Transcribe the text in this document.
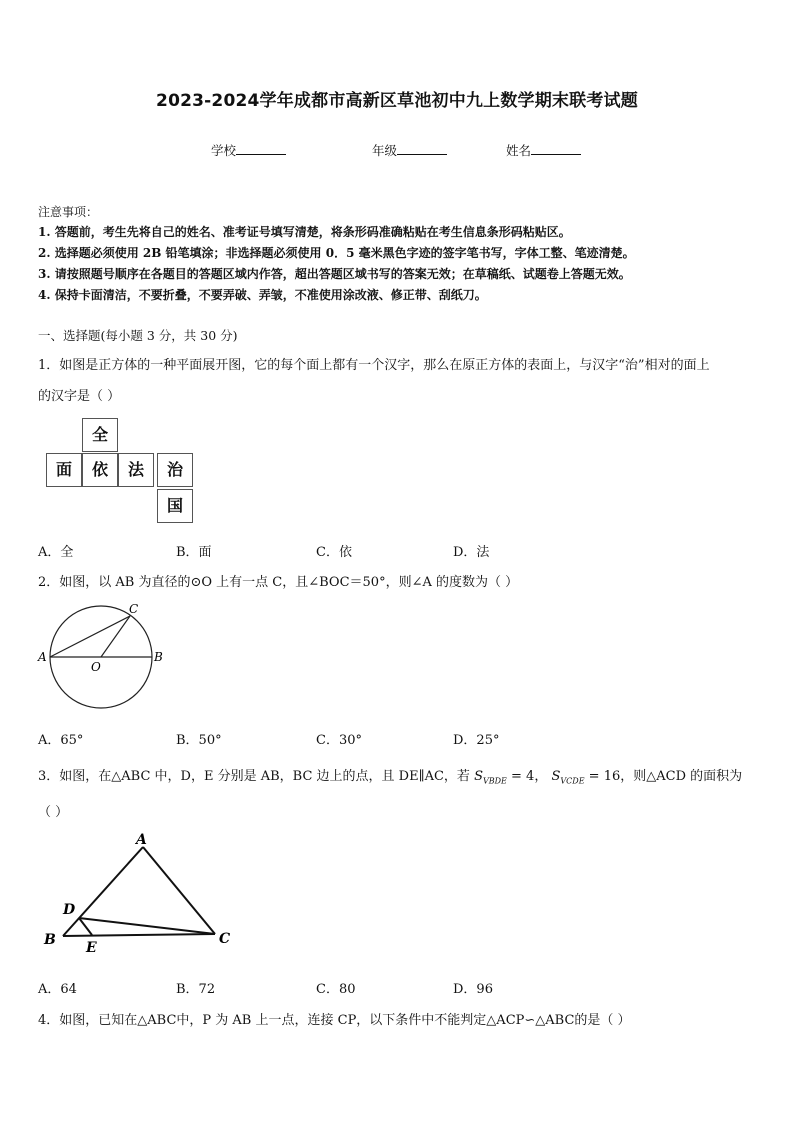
2023-2024学年成都市高新区草池初中九上数学期末联考试题
学校	年级	姓名
注意事项：
1. 答题前，考生先将自己的姓名、准考证号填写清楚，将条形码准确粘贴在考生信息条形码粘贴区。
2. 选择题必须使用 2B 铅笔填涂；非选择题必须使用 0．5 毫米黑色字迹的签字笔书写，字体工整、笔迹清楚。
3. 请按照题号顺序在各题目的答题区域内作答，超出答题区域书写的答案无效；在草稿纸、试题卷上答题无效。
4. 保持卡面清洁，不要折叠，不要弄破、弄皱，不准使用涂改液、修正带、刮纸刀。
一、选择题(每小题 3 分，共 30 分)
1．如图是正方体的一种平面展开图，它的每个面上都有一个汉字，那么在原正方体的表面上，与汉字“治”相对的面上
的汉字是（ ）
全
面	依	法	治
国
A．全	B．面	C．依	D．法
2．如图，以 AB 为直径的⊙O 上有一点 C，且∠BOC＝50°，则∠A 的度数为（ ）
A	B
C
O
A．65°	B．50°	C．30°	D．25°
3．如图，在△ABC 中，D，E 分别是 AB，BC 边上的点，且 DE∥AC，若 $S_{VBDE} = 4$， $S_{VCDE} = 16$，则△ACD 的面积为
（ ）
A
B	C
D
E
A．64	B．72	C．80	D．96
4．如图，已知在△ABC中，P 为 AB 上一点，连接 CP，以下条件中不能判定△ACP∽△ABC的是（ ）
